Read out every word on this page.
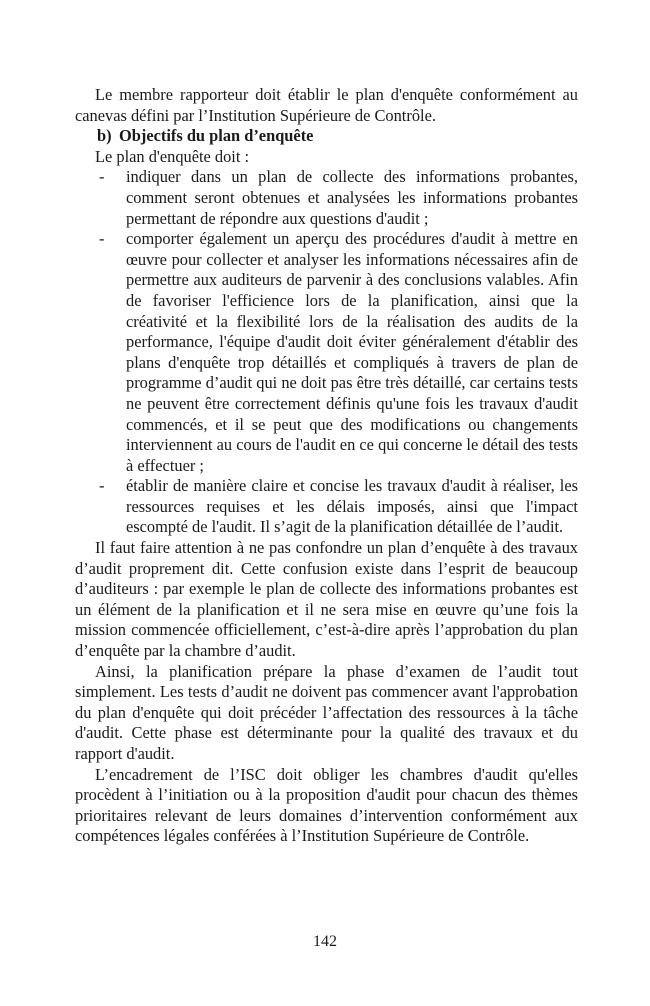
Le membre rapporteur doit établir le plan d'enquête conformément au canevas défini par l’Institution Supérieure de Contrôle.

b) Objectifs du plan d’enquête

Le plan d'enquête doit :

- indiquer dans un plan de collecte des informations probantes, comment seront obtenues et analysées les informations probantes permettant de répondre aux questions d'audit ;
- comporter également un aperçu des procédures d'audit à mettre en œuvre pour collecter et analyser les informations nécessaires afin de permettre aux auditeurs de parvenir à des conclusions valables. Afin de favoriser l'efficience lors de la planification, ainsi que la créativité et la flexibilité lors de la réalisation des audits de la performance, l'équipe d'audit doit éviter généralement d'établir des plans d'enquête trop détaillés et compliqués à travers de plan de programme d’audit qui ne doit pas être très détaillé, car certains tests ne peuvent être correctement définis qu'une fois les travaux d'audit commencés, et il se peut que des modifications ou changements interviennent au cours de l'audit en ce qui concerne le détail des tests à effectuer ;
- établir de manière claire et concise les travaux d'audit à réaliser, les ressources requises et les délais imposés, ainsi que l'impact escompté de l'audit. Il s’agit de la planification détaillée de l’audit.

Il faut faire attention à ne pas confondre un plan d’enquête à des travaux d’audit proprement dit. Cette confusion existe dans l’esprit de beaucoup d’auditeurs : par exemple le plan de collecte des informations probantes est un élément de la planification et il ne sera mise en œuvre qu’une fois la mission commencée officiellement, c’est-à-dire après l’approbation du plan d’enquête par la chambre d’audit.

Ainsi, la planification prépare la phase d’examen de l’audit tout simplement. Les tests d’audit ne doivent pas commencer avant l'approbation du plan d'enquête qui doit précéder l’affectation des ressources à la tâche d'audit. Cette phase est déterminante pour la qualité des travaux et du rapport d'audit.

L’encadrement de l’ISC doit obliger les chambres d'audit qu'elles procèdent à l’initiation ou à la proposition d'audit pour chacun des thèmes prioritaires relevant de leurs domaines d’intervention conformément aux compétences légales conférées à l’Institution Supérieure de Contrôle.

142
